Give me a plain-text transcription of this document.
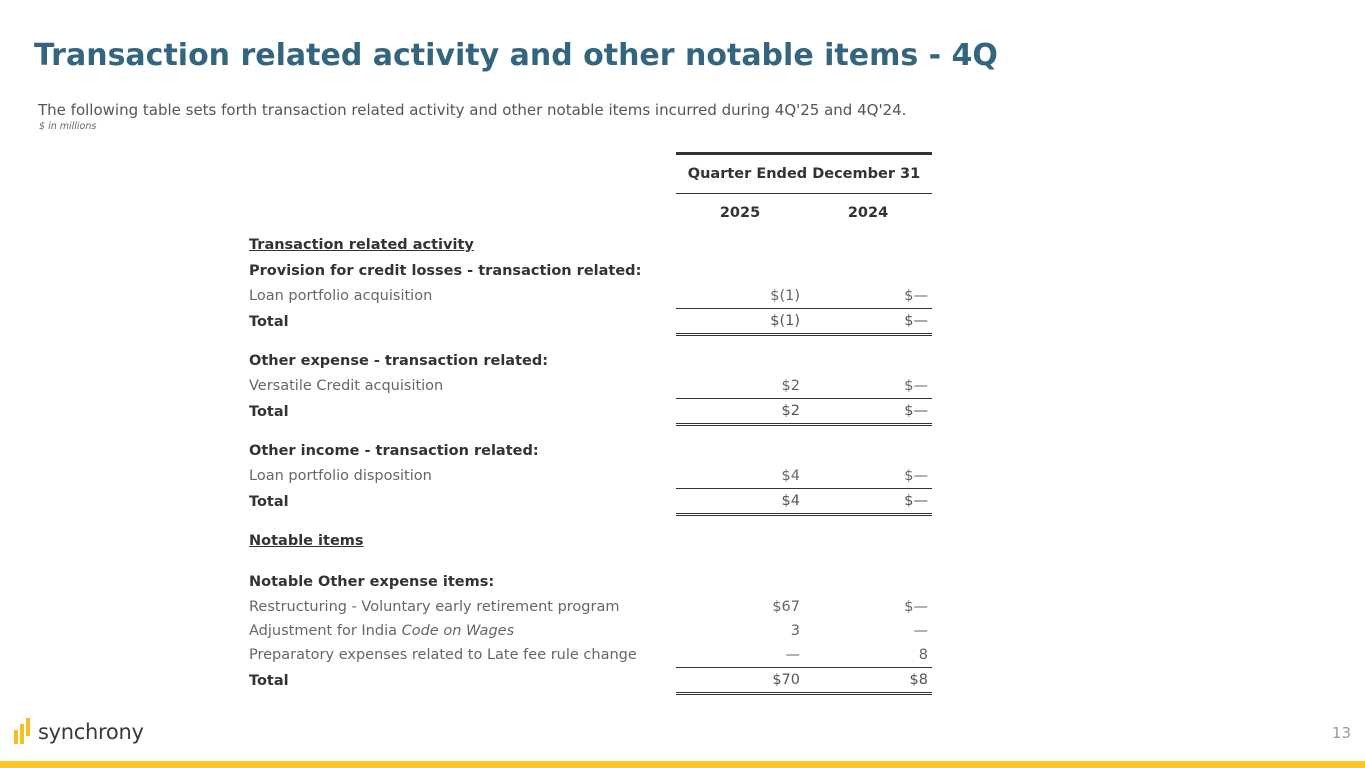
Transaction related activity and other notable items - 4Q
The following table sets forth transaction related activity and other notable items incurred during 4Q'25 and 4Q'24.
$ in millions
	Quarter Ended December 31	
	2025	2024
Transaction related activity		
Provision for credit losses - transaction related:		
Loan portfolio acquisition	$(1)	$—
Total	$(1)	$—

Other expense - transaction related:		
Versatile Credit acquisition	$2	$—
Total	$2	$—

Other income - transaction related:		
Loan portfolio disposition	$4	$—
Total	$4	$—

Notable items		

Notable Other expense items:		
Restructuring - Voluntary early retirement program	$67	$—
Adjustment for India Code on Wages	3	—
Preparatory expenses related to Late fee rule change	—	8
Total	$70	$8
synchrony	13
